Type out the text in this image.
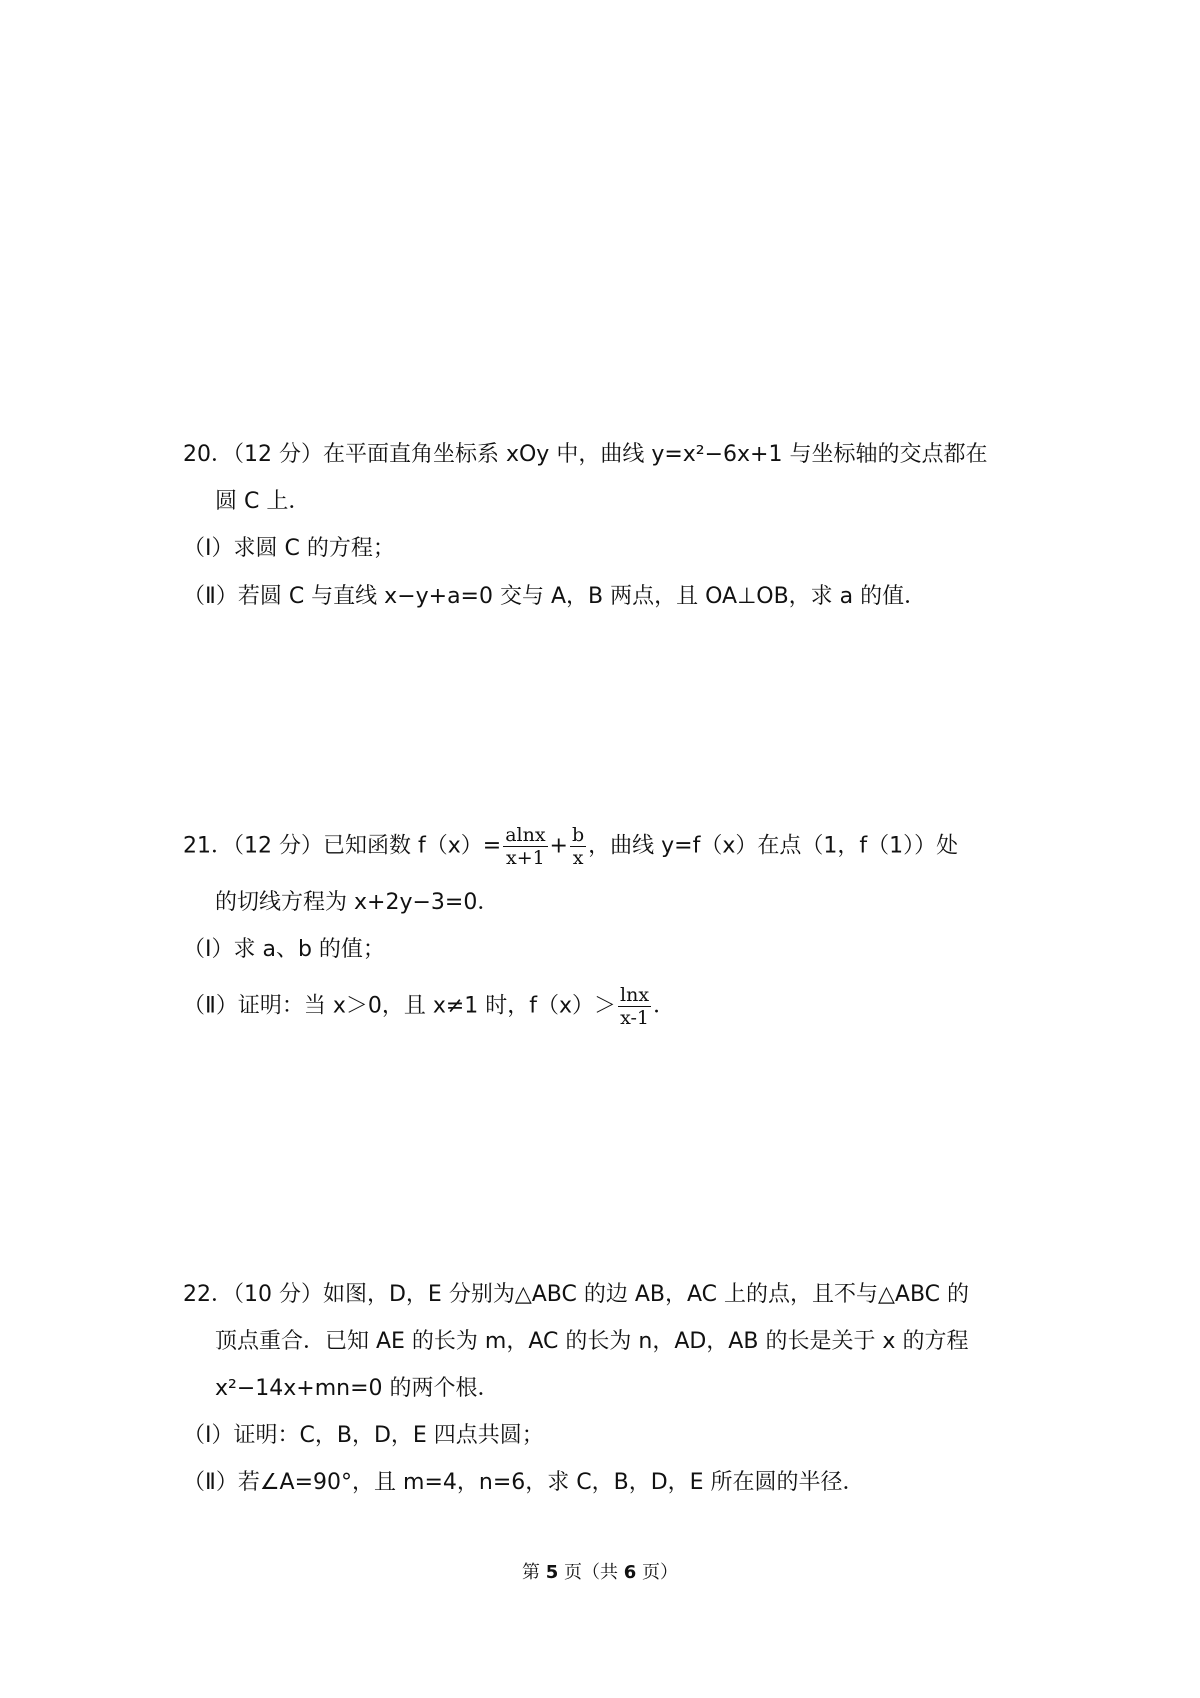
20．（12 分）在平面直角坐标系 xOy 中，曲线 y=x²﻿﻿−6x+1 与坐标轴的交点都在
圆 C 上．
（Ⅰ）求圆 C 的方程；
（Ⅱ）若圆 C 与直线 x−y+a=0 交与 A，B 两点，且 OA⊥OB，求 a 的值．
21．（12 分）已知函数 $f(x)= \frac{alnx}{x+1} + \frac{b}{x}$ ，曲线 y=f（x）在点（1，f（1））处
的切线方程为 x+2y−3=0．
（Ⅰ）求 a、b 的值；
（Ⅱ）证明：当 x＞0，且 x≠1 时，$f(x)> \frac{\ln x}{x-1}$ ．
22．（10 分）如图，D，E 分别为△ABC 的边 AB，AC 上的点，且不与△ABC 的
顶点重合．已知 AE 的长为 m，AC 的长为 n，AD，AB 的长是关于 x 的方程
x²−14x+mn=0 的两个根．
（Ⅰ）证明：C，B，D，E 四点共圆；
（Ⅱ）若∠A=90°，且 m=4，n=6，求 C，B，D，E 所在圆的半径．
第 5 页（共 6 页）
